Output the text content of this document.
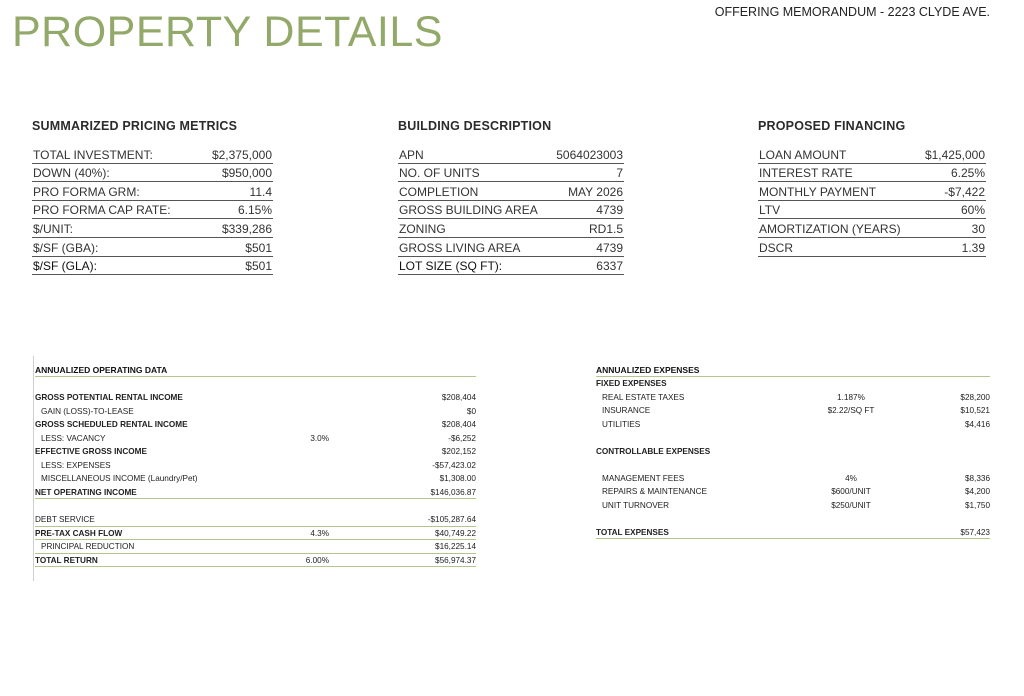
PROPERTY DETAILS	OFFERING MEMORANDUM - 2223 CLYDE AVE.
SUMMARIZED PRICING METRICS
TOTAL INVESTMENT:	$2,375,000
DOWN (40%):	$950,000
PRO FORMA GRM:	11.4
PRO FORMA CAP RATE:	6.15%
$/UNIT:	$339,286
$/SF (GBA):	$501
$/SF (GLA):	$501
BUILDING DESCRIPTION
APN	5064023003
NO. OF UNITS	7
COMPLETION	MAY 2026
GROSS BUILDING AREA	4739
ZONING	RD1.5
GROSS LIVING AREA	4739
LOT SIZE (SQ FT):	6337
PROPOSED FINANCING
LOAN AMOUNT	$1,425,000
INTEREST RATE	6.25%
MONTHLY PAYMENT	-$7,422
LTV	60%
AMORTIZATION (YEARS)	30
DSCR	1.39
ANNUALIZED OPERATING DATA
GROSS POTENTIAL RENTAL INCOME	$208,404
GAIN (LOSS)-TO-LEASE	$0
GROSS SCHEDULED RENTAL INCOME	$208,404
LESS: VACANCY	3.0%	-$6,252
EFFECTIVE GROSS INCOME	$202,152
LESS: EXPENSES	-$57,423.02
MISCELLANEOUS INCOME (Laundry/Pet)	$1,308.00
NET OPERATING INCOME	$146,036.87
DEBT SERVICE	-$105,287.64
PRE-TAX CASH FLOW	4.3%	$40,749.22
PRINCIPAL REDUCTION	$16,225.14
TOTAL RETURN	6.00%	$56,974.37
ANNUALIZED EXPENSES
FIXED EXPENSES
REAL ESTATE TAXES	1.187%	$28,200
INSURANCE	$2.22/SQ FT	$10,521
UTILITIES	$4,416
CONTROLLABLE EXPENSES
MANAGEMENT FEES	4%	$8,336
REPAIRS & MAINTENANCE	$600/UNIT	$4,200
UNIT TURNOVER	$250/UNIT	$1,750
TOTAL EXPENSES	$57,423
